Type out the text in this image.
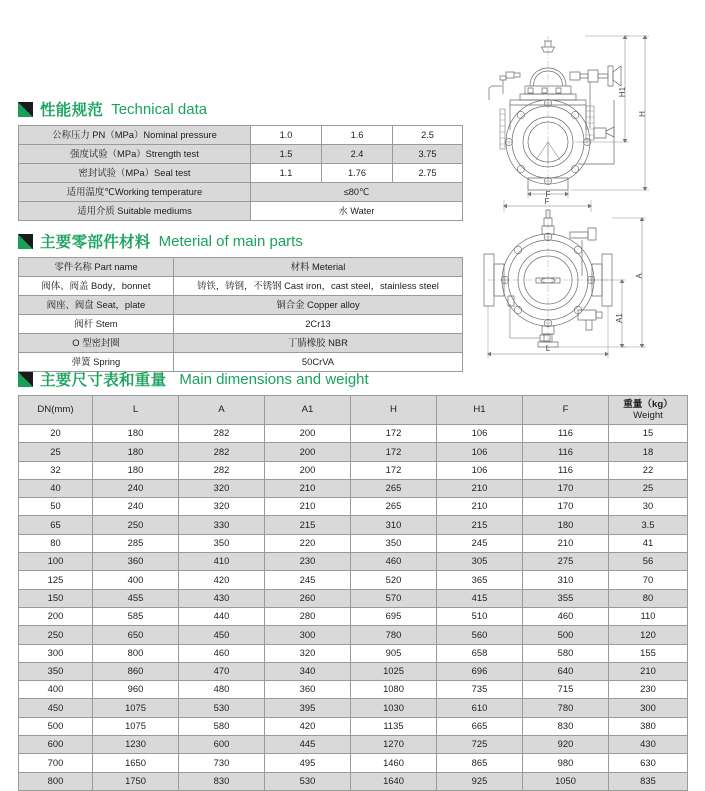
性能规范 Technical data
公称压力 PN（MPa）Nominal pressure	1.0	1.6	2.5
强度试验（MPa）Strength test	1.5	2.4	3.75
密封试验（MPa）Seal test	1.1	1.76	2.75
适用温度℃Working temperature	≤80℃		
适用介质 Suitable mediums	水 Water		
主要零部件材料 Meterial of main parts
零件名称 Part name	材料 Meterial
阀体、阀盖 Body，bonnet	铸铁，铸钢，不锈钢 Cast iron，cast steel，stainless steel
阀座、阀盘 Seat，plate	铜合金 Copper alloy
阀杆 Stem	2Cr13
O 型密封圈	丁腈橡胶 NBR
弹簧 Spring	50CrVA
主要尺寸表和重量 Main dimensions and weight
DN(mm)	L	A	A1	H	H1	F	重量（kg）
Weight

20	180	282	200	172	106	116	15
25	180	282	200	172	106	116	18
32	180	282	200	172	106	116	22
40	240	320	210	265	210	170	25
50	240	320	210	265	210	170	30
65	250	330	215	310	215	180	3.5
80	285	350	220	350	245	210	41
100	360	410	230	460	305	275	56
125	400	420	245	520	365	310	70
150	455	430	260	570	415	355	80
200	585	440	280	695	510	460	110
250	650	450	300	780	560	500	120
300	800	460	320	905	658	580	155
350	860	470	340	1025	696	640	210
400	960	480	360	1080	735	715	230
450	1075	530	395	1030	610	780	300
500	1075	580	420	1135	665	830	380
600	1230	600	445	1270	725	920	430
700	1650	730	495	1460	865	980	630
800	1750	830	530	1640	925	1050	835
H1
H
F
A1
A
L
F
